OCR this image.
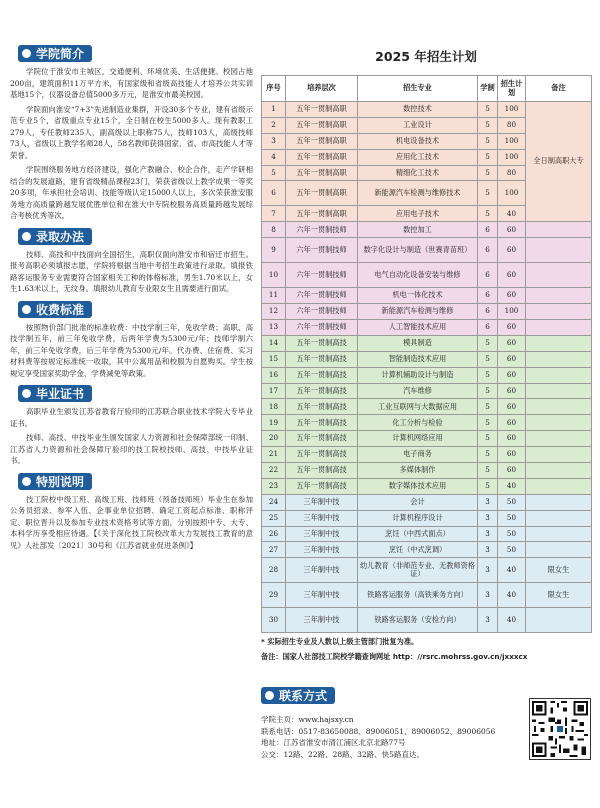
学院简介

学院位于淮安市主城区，交通便利、环境优美、生活便捷。校园占地200亩，建筑面积11万平方米，有国家级和省级高技能人才培养公共实训基地15个，仪器设备总值5000多万元，是淮安市最美校园。

学院面向淮安“7+3”先进制造业集群，开设30多个专业，建有省级示范专业5个，省级重点专业15个，全日制在校生5000多人。现有教职工279人，专任教师235人，副高级以上职称75人，技师103人，高级技师73人，省级以上教学名师28人，58名教师获得国家、省、市高技能人才等荣誉。

学院围绕服务地方经济建设，强化产教融合、校企合作，走产学研相结合的发展道路，建有省级精品课程23门，荣获省级以上教学成果一等奖20多项，年承担社会培训、技能等级认定15000人以上，多次荣获淮安服务地方高质量跨越发展优胜单位和在淮大中专院校服务高质量跨越发展综合考核优秀等次。

录取办法

技师、高技和中技面向全国招生，高职仅面向淮安市和宿迁市招生。报考高职必须填报志愿，学院将根据当地中考招生政策进行录取。填报铁路客运服务专业需要符合国家相关工种的体格标准，男生1.70米以上，女生1.63米以上，无纹身。填报幼儿教育专业限女生且需要进行面试。

收费标准

按照物价部门批准的标准收费：中技学制三年，免收学费；高职、高技学制五年，前三年免收学费，后两年学费为5300元/年；技师学制六年，前三年免收学费，后三年学费为5300元/年。代办费、住宿费、实习材料费等按规定标准统一收取，其中公寓用品和校服为自愿购买。学生按规定享受国家奖助学金、学费减免等政策。

毕业证书

高职毕业生颁发江苏省教育厅验印的江苏联合职业技术学院大专毕业证书。

技师、高技、中技毕业生颁发国家人力资源和社会保障部统一印制、江苏省人力资源和社会保障厅验印的技工院校技师、高技、中技毕业证书。

特别说明

技工院校中级工班、高级工班、技师班（预备技师班）毕业生在参加公务员招录、参军入伍、企事业单位招聘、确定工资起点标准、职称评定、职位晋升以及参加专业技术资格考试等方面，分别按照中专、大专、本科学历享受相应待遇。【《关于深化技工院校改革大力发展技工教育的意见》人社部发〔2021〕30号和《江苏省就业促进条例》】

2025 年招生计划
序号	培养层次	招生专业	学制	招生计划	备注
1	五年一贯制高职	数控技术	5	100	全日制高职大专
2	五年一贯制高职	工业设计	5	80	
3	五年一贯制高职	机电设备技术	5	100	
4	五年一贯制高职	应用化工技术	5	100	
5	五年一贯制高职	精细化工技术	5	80	
6	五年一贯制高职	新能源汽车检测与维修技术	5	100	
7	五年一贯制高职	应用电子技术	5	40	
8	六年一贯制技师	数控加工	6	60	
9	六年一贯制技师	数字化设计与制造（世赛青苗班）	6	60	
10	六年一贯制技师	电气自动化设备安装与维修	6	60	
11	六年一贯制技师	机电一体化技术	6	60	
12	六年一贯制技师	新能源汽车检测与维修	6	100	
13	六年一贯制技师	人工智能技术应用	6	60	
14	五年一贯制高技	模具制造	5	60	
15	五年一贯制高技	智能制造技术应用	5	60	
16	五年一贯制高技	计算机辅助设计与制造	5	60	
17	五年一贯制高技	汽车维修	5	60	
18	五年一贯制高技	工业互联网与大数据应用	5	60	
19	五年一贯制高技	化工分析与检验	5	60	
20	五年一贯制高技	计算机网络应用	5	60	
21	五年一贯制高技	电子商务	5	60	
22	五年一贯制高技	多媒体制作	5	60	
23	五年一贯制高技	数字媒体技术应用	5	40	
24	三年制中技	会计	3	50	
25	三年制中技	计算机程序设计	3	50	
26	三年制中技	烹饪（中西式面点）	3	50	
27	三年制中技	烹饪（中式烹调）	3	50	
28	三年制中技	幼儿教育（非师范专业、无教师资格证）	3	40	限女生
29	三年制中技	铁路客运服务（高铁乘务方向）	3	40	限女生
30	三年制中技	铁路客运服务（安检方向）	3	40	
* 实际招生专业及人数以上级主管部门批复为准。
备注：国家人社部技工院校学籍查询网址 http：//rsrc.mohrss.gov.cn/jxxxcx
联系方式
学院主页：www.hajsxy.cn
联系电话：0517-83650088、89006051、89006052、89006056
地址：江苏省淮安市清江浦区北京北路77号
公交：12路、22路、28路、32路、快5路直达。
